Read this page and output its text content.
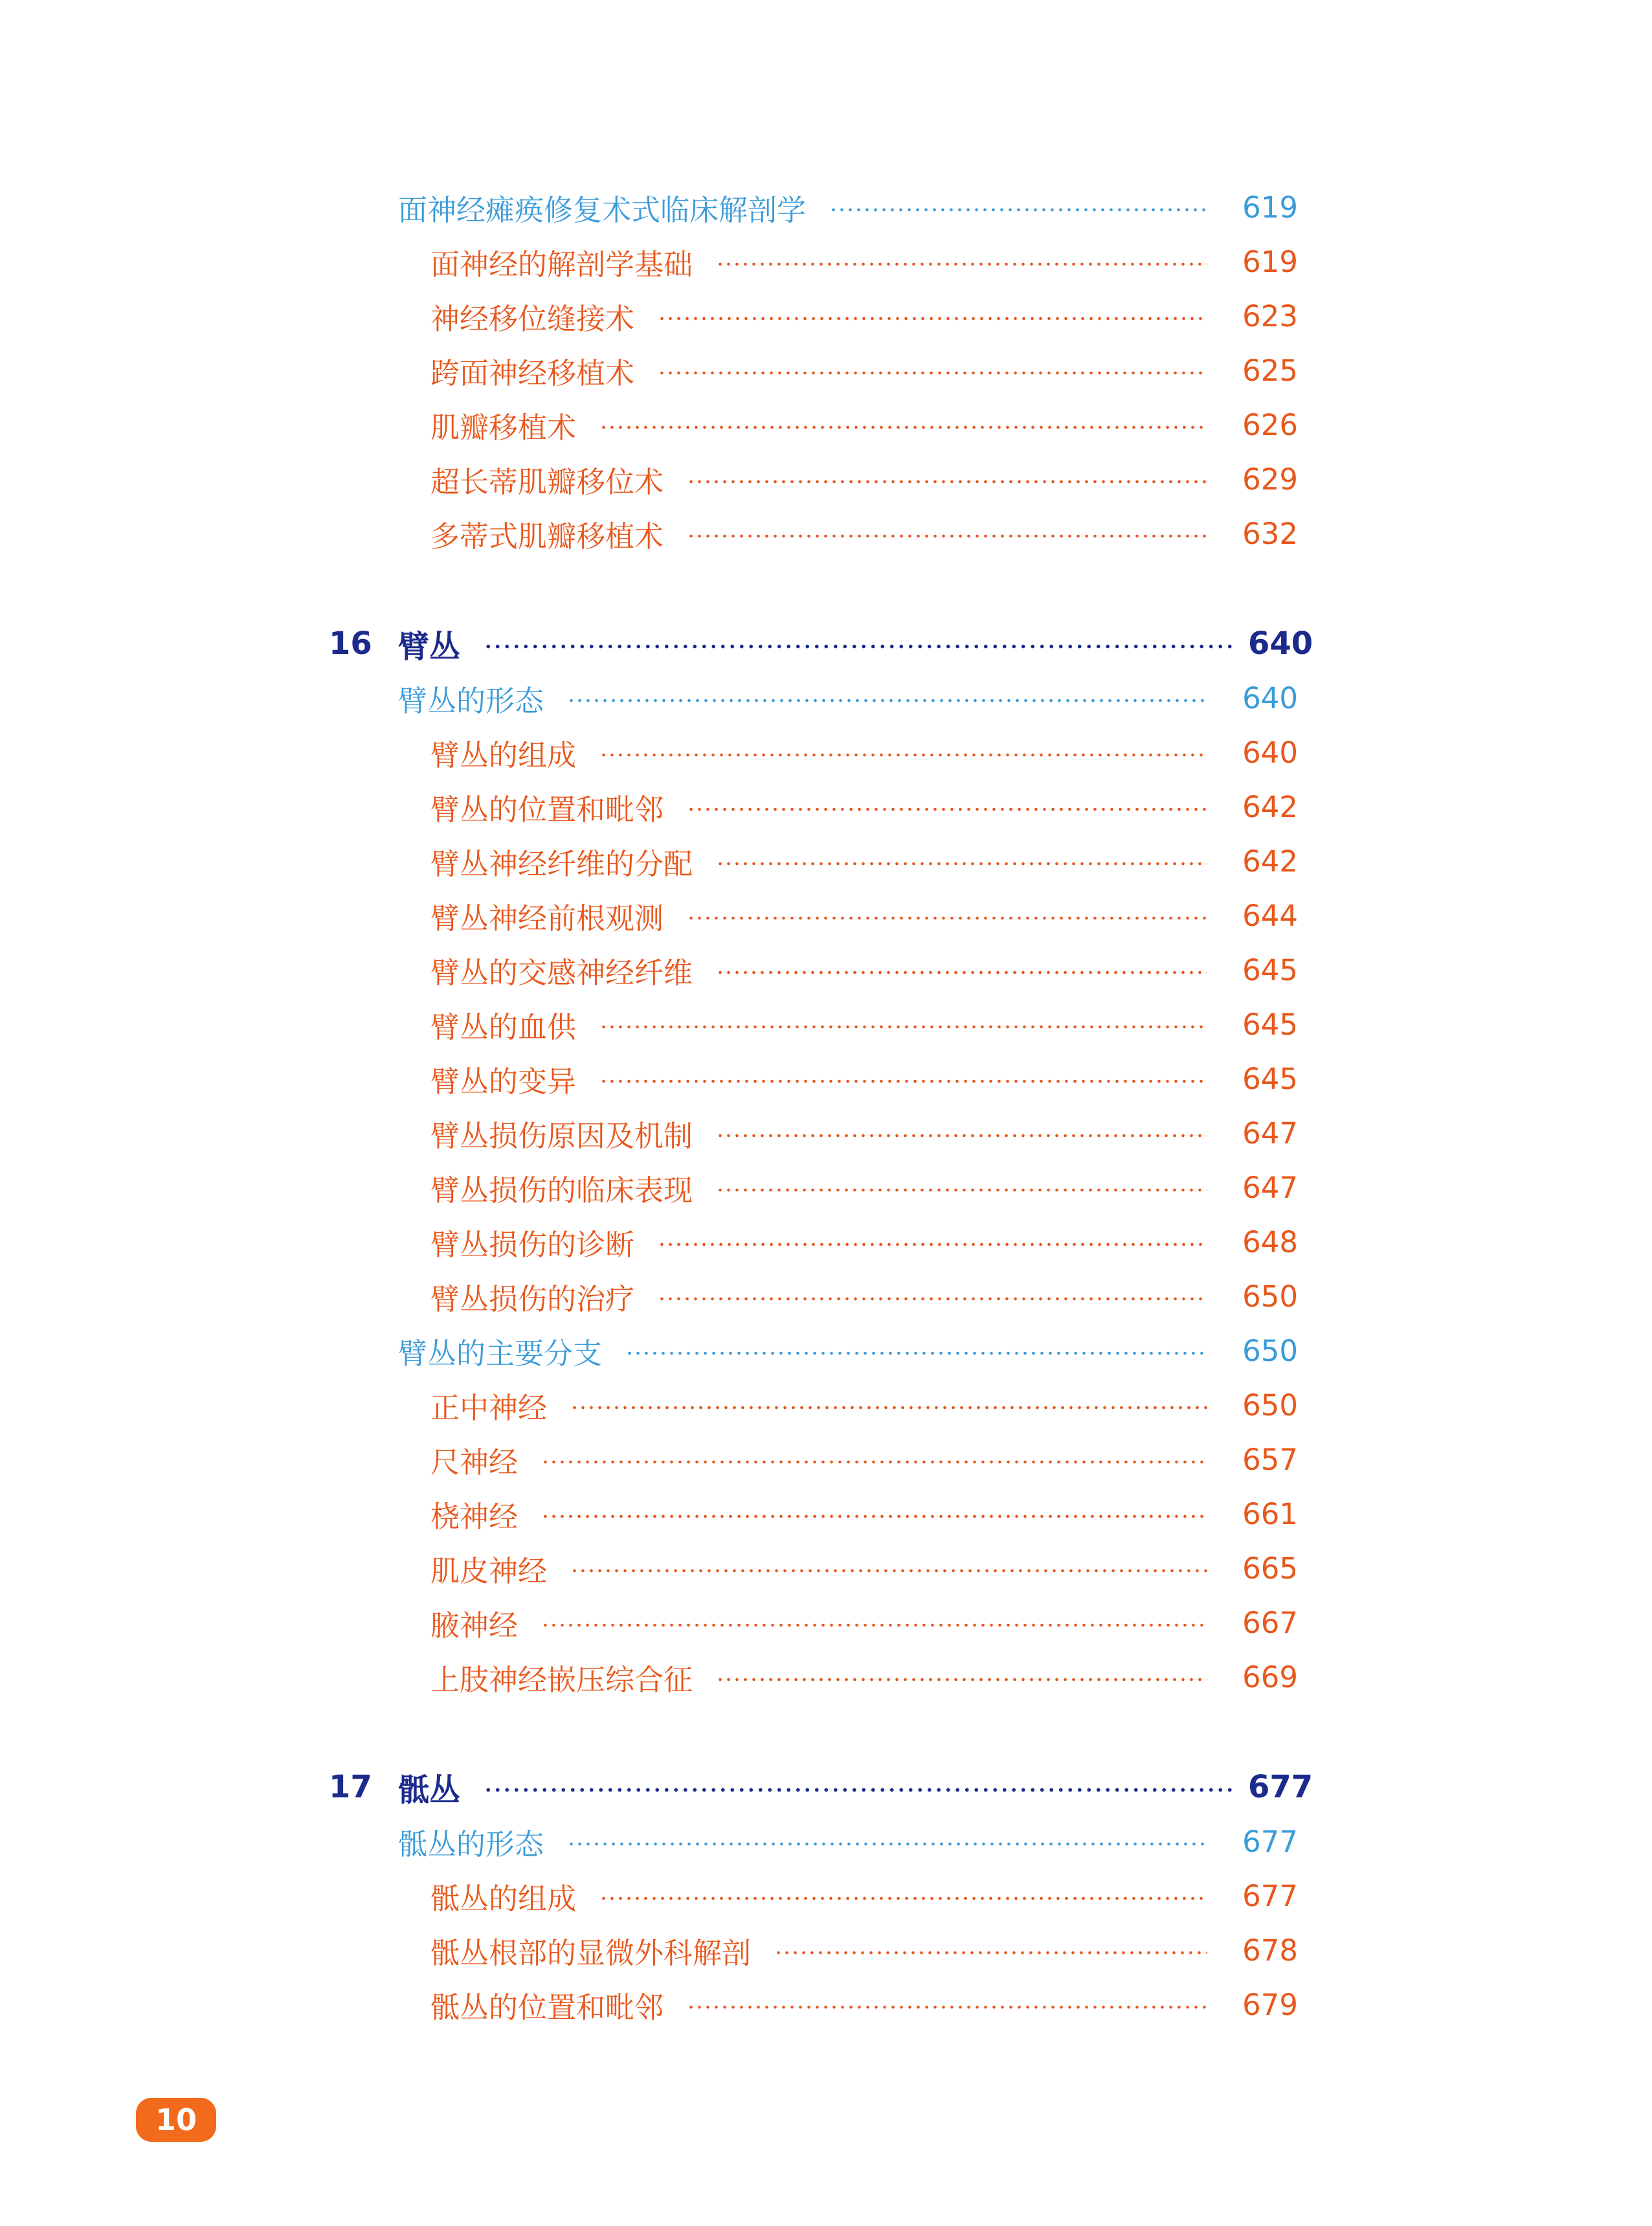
面神经瘫痪修复术式临床解剖学	619
面神经的解剖学基础	619
神经移位缝接术	623
跨面神经移植术	625
肌瓣移植术	626
超长蒂肌瓣移位术	629
多蒂式肌瓣移植术	632
16 臂丛	640
臂丛的形态	640
臂丛的组成	640
臂丛的位置和毗邻	642
臂丛神经纤维的分配	642
臂丛神经前根观测	644
臂丛的交感神经纤维	645
臂丛的血供	645
臂丛的变异	645
臂丛损伤原因及机制	647
臂丛损伤的临床表现	647
臂丛损伤的诊断	648
臂丛损伤的治疗	650
臂丛的主要分支	650
正中神经	650
尺神经	657
桡神经	661
肌皮神经	665
腋神经	667
上肢神经嵌压综合征	669
17 骶丛	677
骶丛的形态	677
骶丛的组成	677
骶丛根部的显微外科解剖	678
骶丛的位置和毗邻	679
10
